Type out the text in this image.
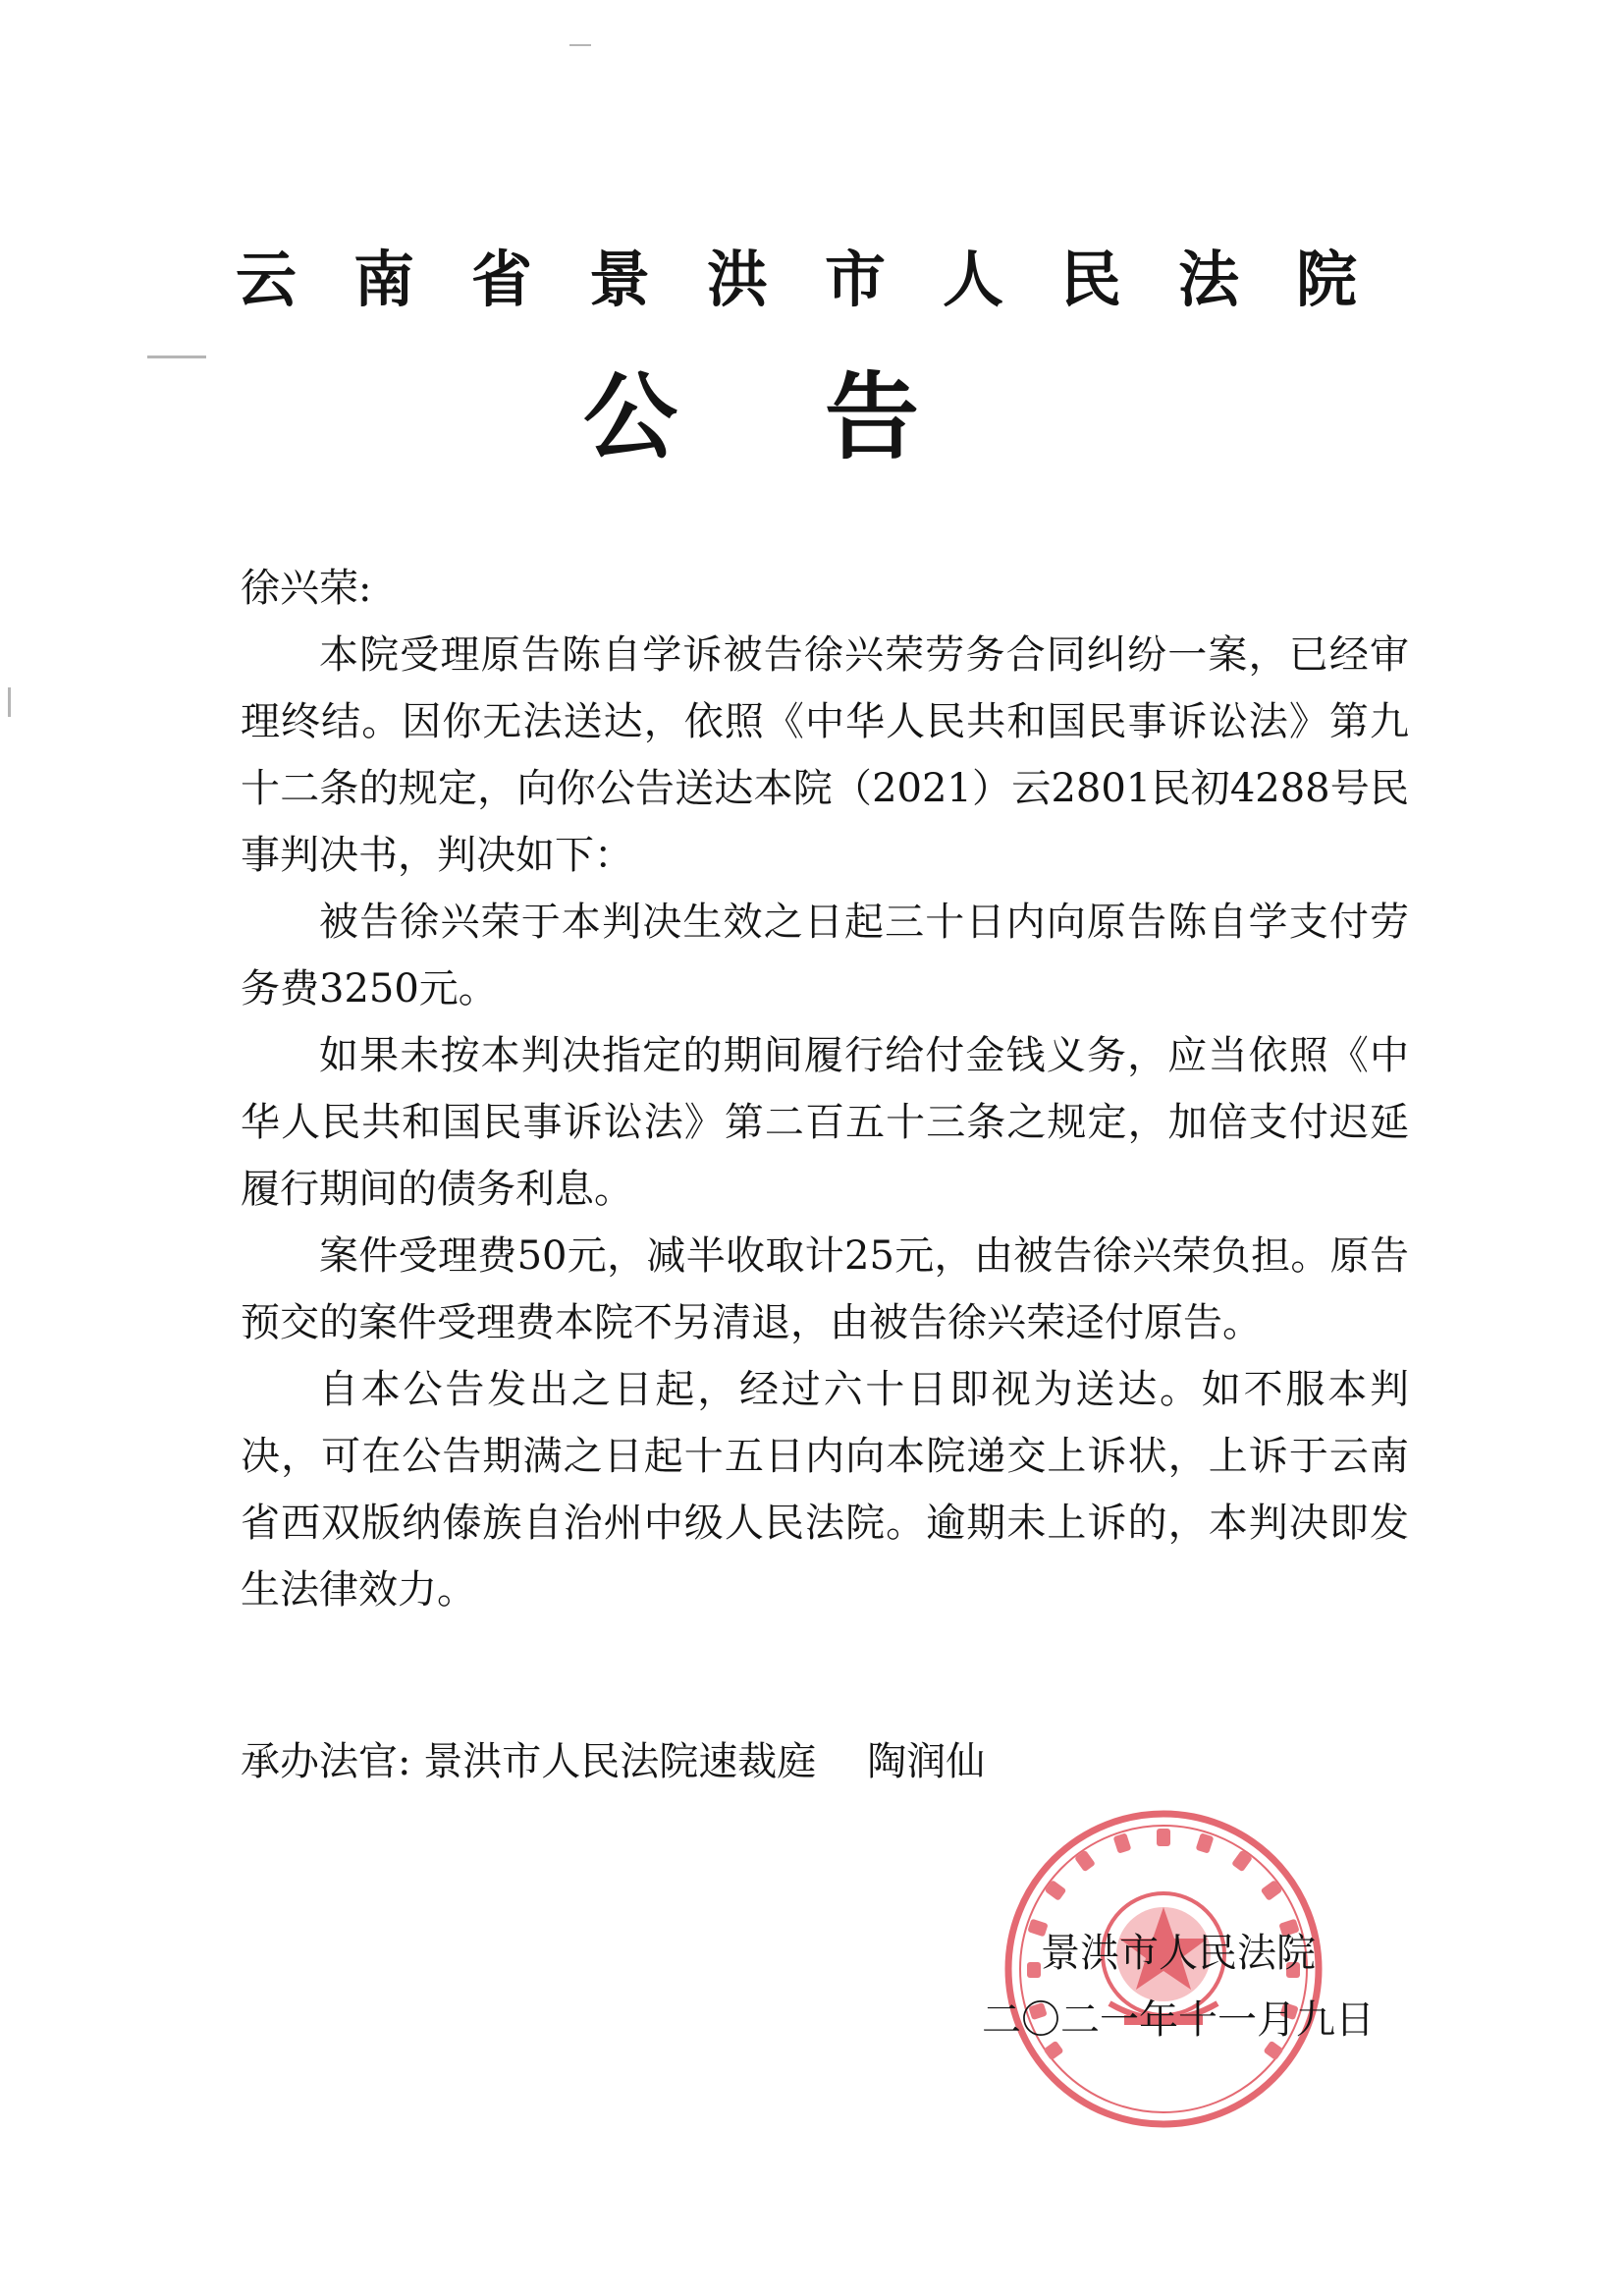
云南省景洪市人民法院
公告

徐兴荣:

本院受理原告陈自学诉被告徐兴荣劳务合同纠纷一案，已经审理终结。因你无法送达，依照《中华人民共和国民事诉讼法》第九十二条的规定，向你公告送达本院（2021）云2801民初4288号民事判决书，判决如下：

被告徐兴荣于本判决生效之日起三十日内向原告陈自学支付劳务费3250元。

如果未按本判决指定的期间履行给付金钱义务，应当依照《中华人民共和国民事诉讼法》第二百五十三条之规定，加倍支付迟延履行期间的债务利息。

案件受理费50元，减半收取计25元，由被告徐兴荣负担。原告预交的案件受理费本院不另清退，由被告徐兴荣迳付原告。

自本公告发出之日起，经过六十日即视为送达。如不服本判决，可在公告期满之日起十五日内向本院递交上诉状，上诉于云南省西双版纳傣族自治州中级人民法院。逾期未上诉的，本判决即发生法律效力。

承办法官: 景洪市人民法院速裁庭 陶润仙
景洪市人民法院
二〇二一年十一月九日
